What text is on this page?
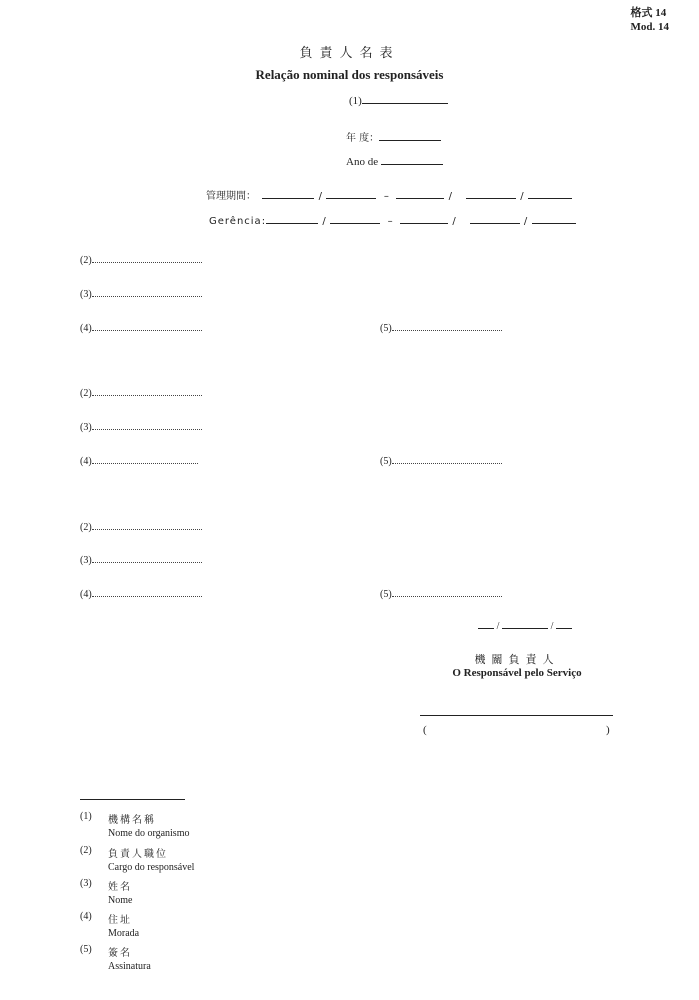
格式 14
Mod. 14
負責人名表
Relação nominal dos responsáveis
(1)
年 度：
Ano de
管理期間：	/	–	/	/
Gerência:	/	–	/	/
(2)
(3)
(4)	(5)
(2)
(3)
(4)	(5)
(2)
(3)
(4)	(5)
/	/
機關負責人
O Responsável pelo Serviço
(	)
(1) 機構名稱
Nome do organismo
(2) 負責人職位
Cargo do responsável
(3) 姓名
Nome
(4) 住址
Morada
(5) 簽名
Assinatura
